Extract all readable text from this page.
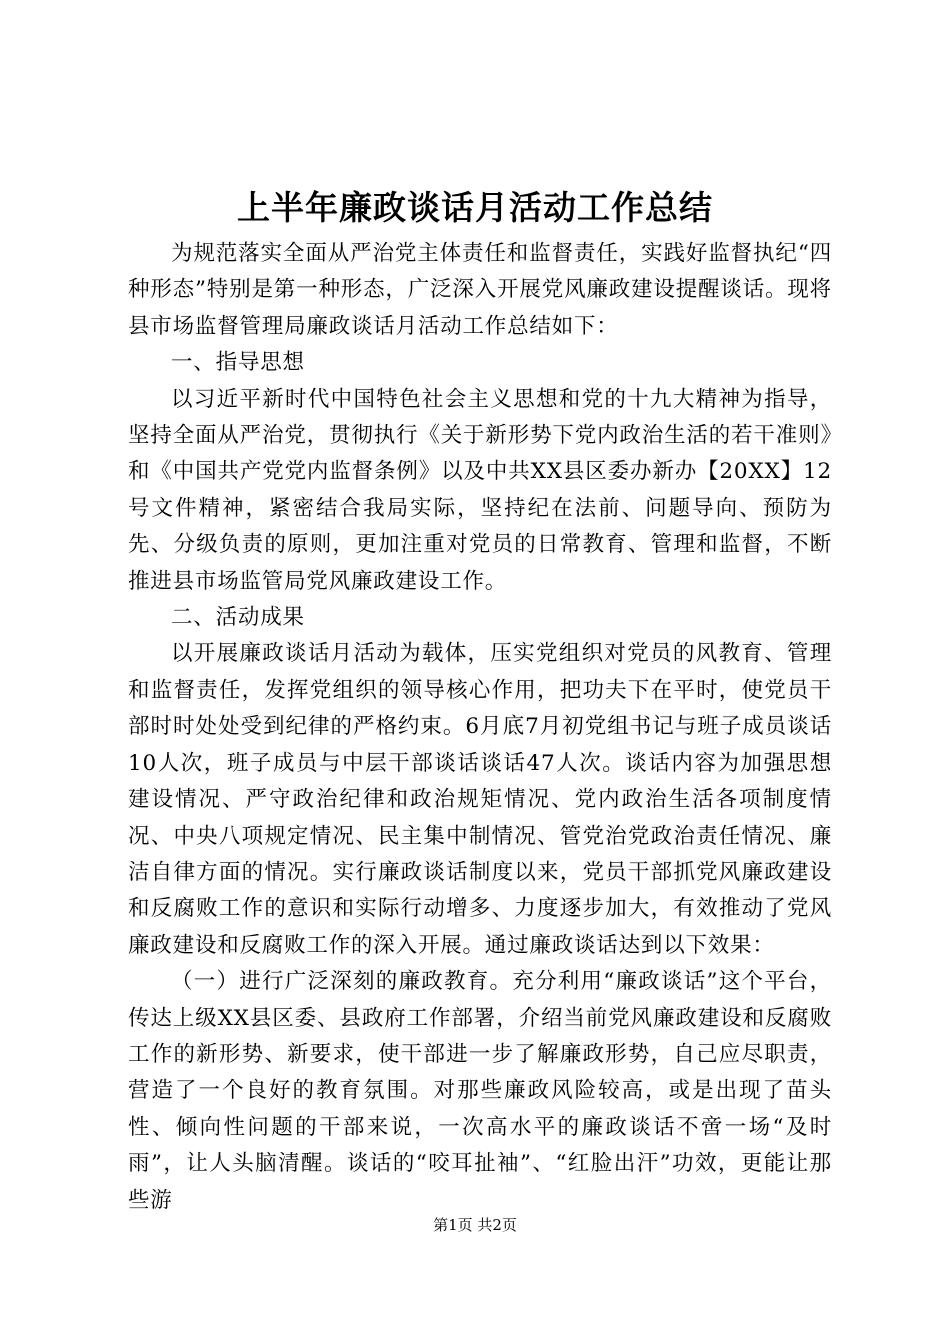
上半年廉政谈话月活动工作总结

为规范落实全面从严治党主体责任和监督责任，实践好监督执纪“四种形态”特别是第一种形态，广泛深入开展党风廉政建设提醒谈话。现将县市场监督管理局廉政谈话月活动工作总结如下：

一、指导思想

以习近平新时代中国特色社会主义思想和党的十九大精神为指导，坚持全面从严治党，贯彻执行《关于新形势下党内政治生活的若干准则》和《中国共产党党内监督条例》以及中共XX县区委办新办【20XX】12号文件精神，紧密结合我局实际，坚持纪在法前、问题导向、预防为先、分级负责的原则，更加注重对党员的日常教育、管理和监督，不断推进县市场监管局党风廉政建设工作。

二、活动成果

以开展廉政谈话月活动为载体，压实党组织对党员的风教育、管理和监督责任，发挥党组织的领导核心作用，把功夫下在平时，使党员干部时时处处受到纪律的严格约束。6月底7月初党组书记与班子成员谈话10人次，班子成员与中层干部谈话谈话47人次。谈话内容为加强思想建设情况、严守政治纪律和政治规矩情况、党内政治生活各项制度情况、中央八项规定情况、民主集中制情况、管党治党政治责任情况、廉洁自律方面的情况。实行廉政谈话制度以来，党员干部抓党风廉政建设和反腐败工作的意识和实际行动增多、力度逐步加大，有效推动了党风廉政建设和反腐败工作的深入开展。通过廉政谈话达到以下效果：

（一）进行广泛深刻的廉政教育。充分利用“廉政谈话”这个平台，传达上级XX县区委、县政府工作部署，介绍当前党风廉政建设和反腐败工作的新形势、新要求，使干部进一步了解廉政形势，自己应尽职责，营造了一个良好的教育氛围。对那些廉政风险较高，或是出现了苗头性、倾向性问题的干部来说，一次高水平的廉政谈话不啻一场“及时雨”，让人头脑清醒。谈话的“咬耳扯袖”、“红脸出汗”功效，更能让那些游

第1页 共2页
